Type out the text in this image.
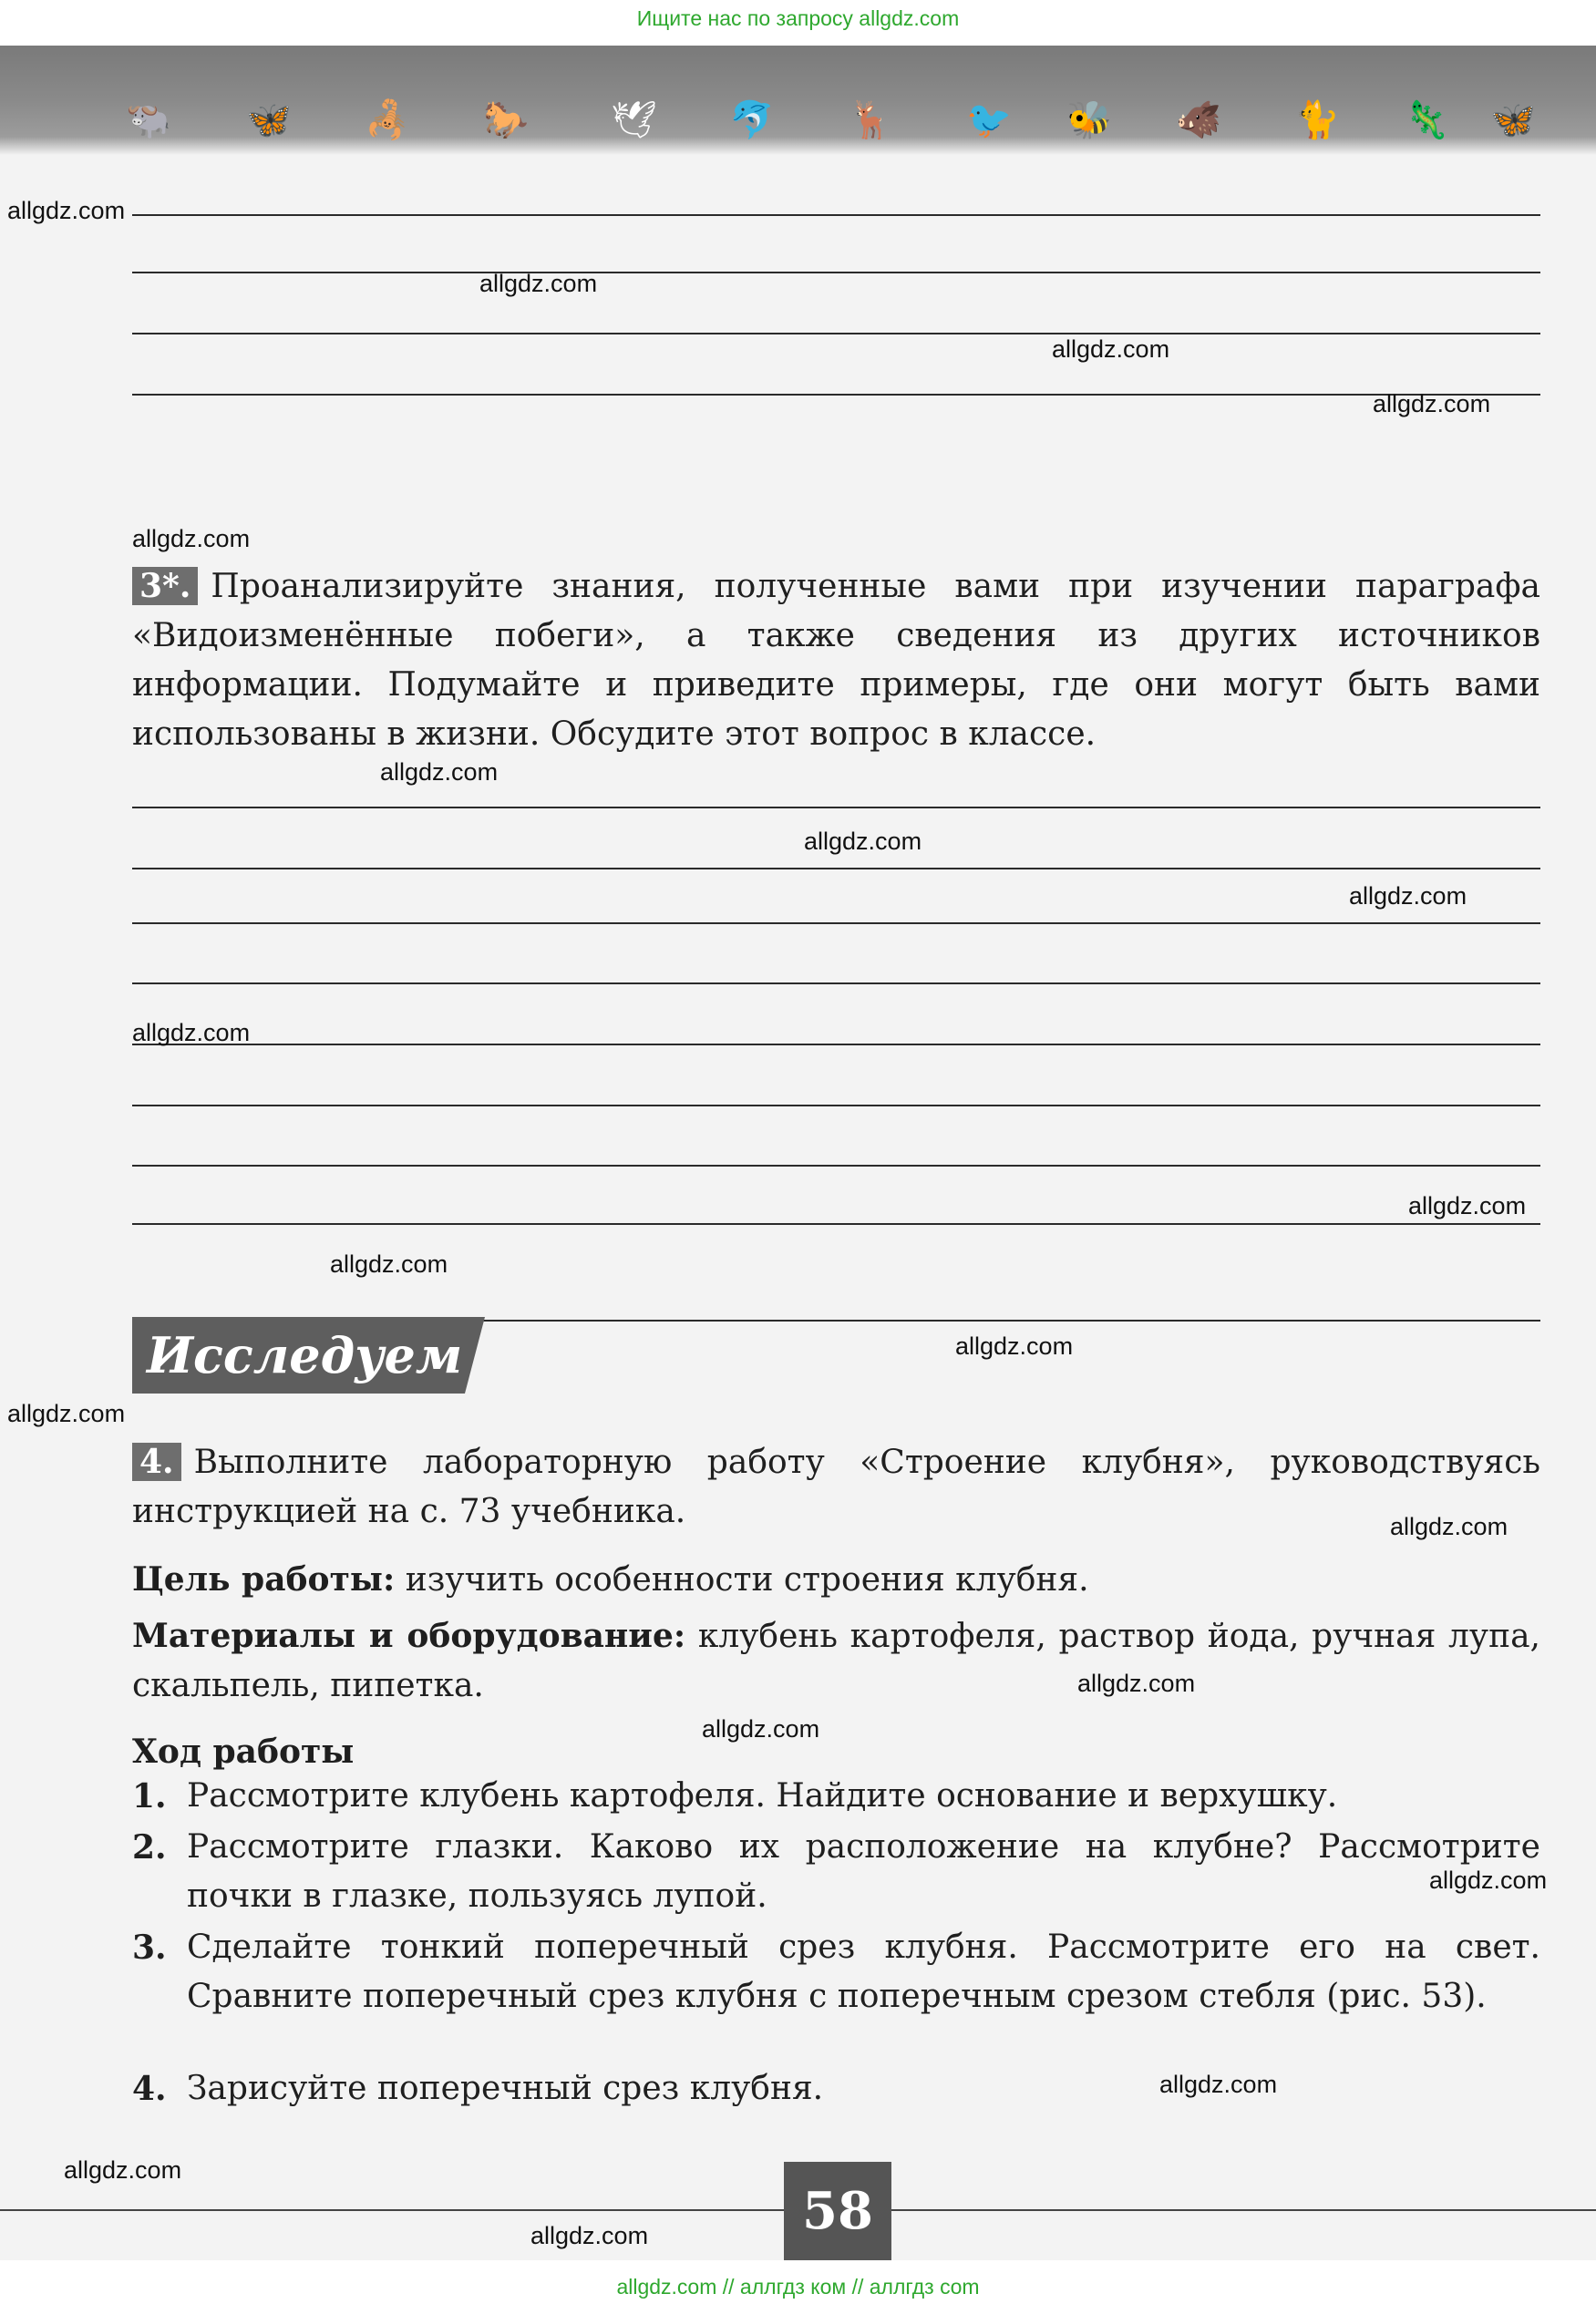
Ищите нас по запросу allgdz.com
🐃 🦋 🦂 🐎 🕊 🐬 🦌 🐦 🐝 🐗 🐈 🦎 🦋
3*. Проанализируйте знания, полученные вами при изучении параграфа «Видоизменённые побеги», а также сведения из других источников информации. Подумайте и приведите примеры, где они могут быть вами использованы в жизни. Обсудите этот вопрос в классе.
Исследуем
4. Выполните лабораторную работу «Строение клубня», руководствуясь инструкцией на с. 73 учебника.
Цель работы: изучить особенности строения клубня.
Материалы и оборудование: клубень картофеля, раствор йода, ручная лупа, скальпель, пипетка.
Ход работы
1. Рассмотрите клубень картофеля. Найдите основание и верхушку.
2. Рассмотрите глазки. Каково их расположение на клубне? Рассмотрите почки в глазке, пользуясь лупой.
3. Сделайте тонкий поперечный срез клубня. Рассмотрите его на свет. Сравните поперечный срез клубня с поперечным срезом стебля (рис. 53).
4. Зарисуйте поперечный срез клубня.
58
allgdz.com // аллгдз ком // аллгдз com
allgdz.com
allgdz.com
allgdz.com
allgdz.com
allgdz.com
allgdz.com
allgdz.com
allgdz.com
allgdz.com
allgdz.com
allgdz.com
allgdz.com
allgdz.com
allgdz.com
allgdz.com
allgdz.com
allgdz.com
allgdz.com
allgdz.com
allgdz.com
